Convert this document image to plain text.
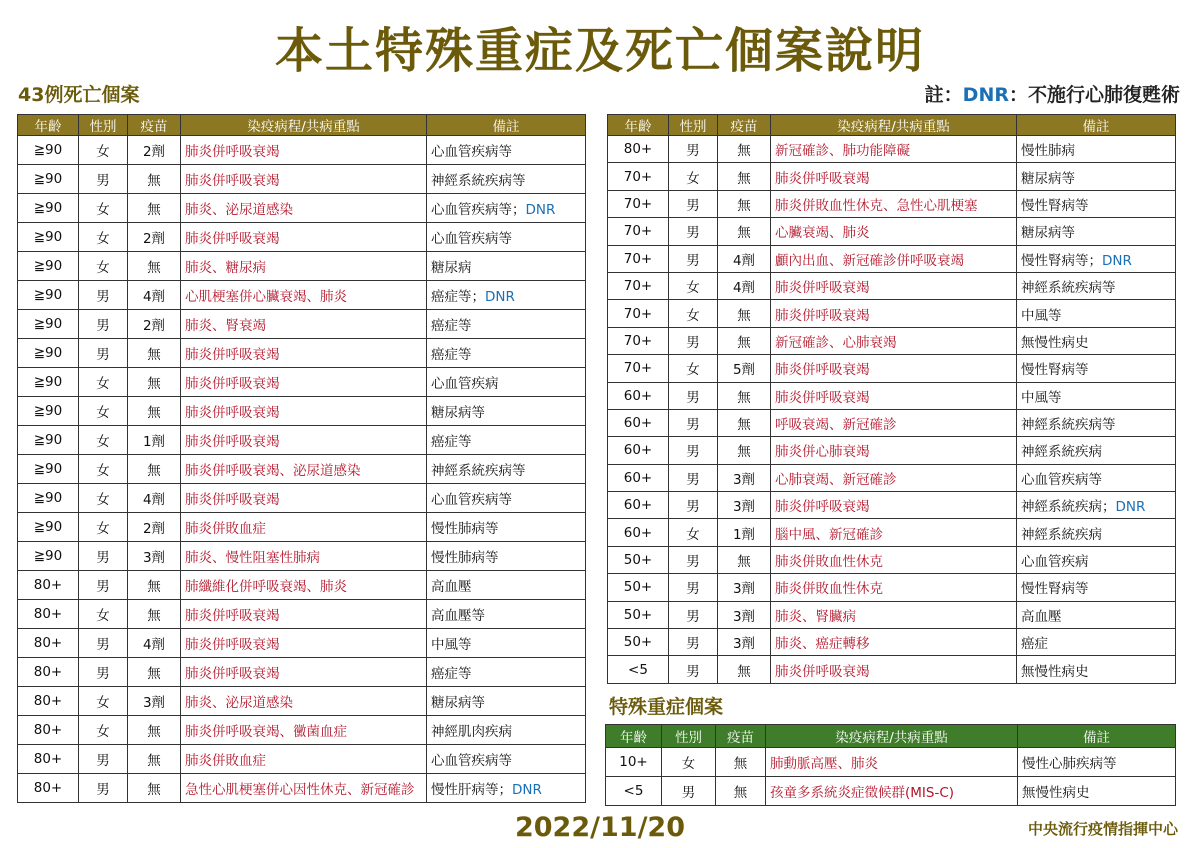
本土特殊重症及死亡個案說明
43例死亡個案	註：DNR：不施行心肺復甦術
年齡	性別	疫苗	染疫病程/共病重點	備註
≧90	女	2劑	肺炎併呼吸衰竭	心血管疾病等
≧90	男	無	肺炎併呼吸衰竭	神經系統疾病等
≧90	女	無	肺炎、泌尿道感染	心血管疾病等；DNR
≧90	女	2劑	肺炎併呼吸衰竭	心血管疾病等
≧90	女	無	肺炎、糖尿病	糖尿病
≧90	男	4劑	心肌梗塞併心臟衰竭、肺炎	癌症等；DNR
≧90	男	2劑	肺炎、腎衰竭	癌症等
≧90	男	無	肺炎併呼吸衰竭	癌症等
≧90	女	無	肺炎併呼吸衰竭	心血管疾病
≧90	女	無	肺炎併呼吸衰竭	糖尿病等
≧90	女	1劑	肺炎併呼吸衰竭	癌症等
≧90	女	無	肺炎併呼吸衰竭、泌尿道感染	神經系統疾病等
≧90	女	4劑	肺炎併呼吸衰竭	心血管疾病等
≧90	女	2劑	肺炎併敗血症	慢性肺病等
≧90	男	3劑	肺炎、慢性阻塞性肺病	慢性肺病等
80+	男	無	肺纖維化併呼吸衰竭、肺炎	高血壓
80+	女	無	肺炎併呼吸衰竭	高血壓等
80+	男	4劑	肺炎併呼吸衰竭	中風等
80+	男	無	肺炎併呼吸衰竭	癌症等
80+	女	3劑	肺炎、泌尿道感染	糖尿病等
80+	女	無	肺炎併呼吸衰竭、黴菌血症	神經肌肉疾病
80+	男	無	肺炎併敗血症	心血管疾病等
80+	男	無	急性心肌梗塞併心因性休克、新冠確診	慢性肝病等；DNR
年齡	性別	疫苗	染疫病程/共病重點	備註
80+	男	無	新冠確診、肺功能障礙	慢性肺病
70+	女	無	肺炎併呼吸衰竭	糖尿病等
70+	男	無	肺炎併敗血性休克、急性心肌梗塞	慢性腎病等
70+	男	無	心臟衰竭、肺炎	糖尿病等
70+	男	4劑	顱內出血、新冠確診併呼吸衰竭	慢性腎病等；DNR
70+	女	4劑	肺炎併呼吸衰竭	神經系統疾病等
70+	女	無	肺炎併呼吸衰竭	中風等
70+	男	無	新冠確診、心肺衰竭	無慢性病史
70+	女	5劑	肺炎併呼吸衰竭	慢性腎病等
60+	男	無	肺炎併呼吸衰竭	中風等
60+	男	無	呼吸衰竭、新冠確診	神經系統疾病等
60+	男	無	肺炎併心肺衰竭	神經系統疾病
60+	男	3劑	心肺衰竭、新冠確診	心血管疾病等
60+	男	3劑	肺炎併呼吸衰竭	神經系統疾病；DNR
60+	女	1劑	腦中風、新冠確診	神經系統疾病
50+	男	無	肺炎併敗血性休克	心血管疾病
50+	男	3劑	肺炎併敗血性休克	慢性腎病等
50+	男	3劑	肺炎、腎臟病	高血壓
50+	男	3劑	肺炎、癌症轉移	癌症
<5	男	無	肺炎併呼吸衰竭	無慢性病史
特殊重症個案
年齡	性別	疫苗	染疫病程/共病重點	備註
10+	女	無	肺動脈高壓、肺炎	慢性心肺疾病等
<5	男	無	孩童多系統炎症徵候群(MIS-C)	無慢性病史
2022/11/20	中央流行疫情指揮中心
